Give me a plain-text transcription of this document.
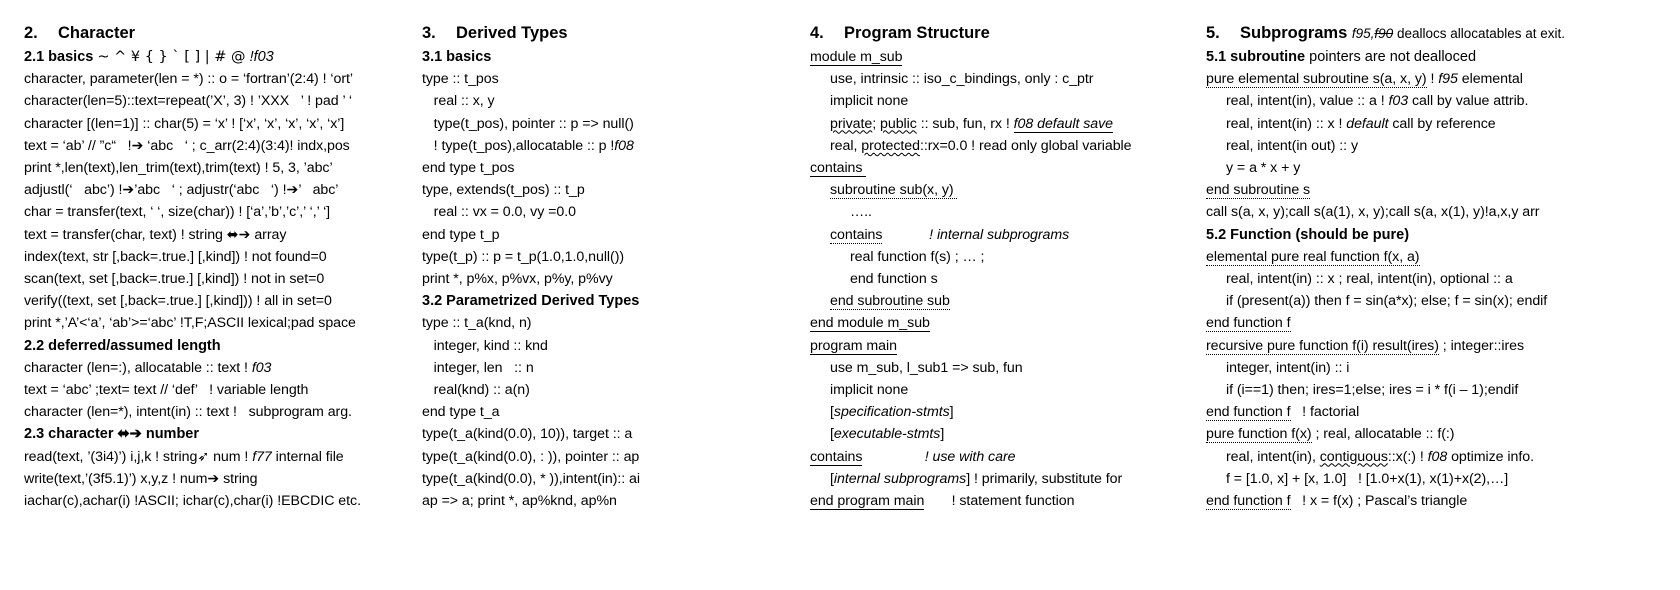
2. Character
2.1 basics ~ ^ ¥ { } ` [ ] | # @ !f03
character, parameter(len = *) :: o = ‘fortran’(2:4) ! ‘ort’
character(len=5)::text=repeat(’X’, 3) ! ’XXX   ’ ! pad ’ ‘
character [(len=1)] :: char(5) = ‘x’ ! [‘x’, ‘x’, ‘x’, ‘x’, ‘x’]
text = ‘ab’ // ”c“   !➔ ‘abc   ‘ ; c_arr(2:4)(3:4)! indx,pos
print *,len(text),len_trim(text),trim(text) ! 5, 3, ’abc’
adjustl(‘   abc’) !➔’abc   ‘ ; adjustr(‘abc   ‘) !➔’   abc’
char = transfer(text, ‘ ‘, size(char)) ! [‘a’,’b’,’c’,’ ‘,’ ‘]
text = transfer(char, text) ! string ⬌➔ array
index(text, str [,back=.true.] [,kind]) ! not found=0
scan(text, set [,back=.true.] [,kind]) ! not in set=0
verify((text, set [,back=.true.] [,kind])) ! all in set=0
print *,’A’<‘a’, ‘ab’>=‘abc’ !T,F;ASCII lexical;pad space
2.2 deferred/assumed length
character (len=:), allocatable :: text ! f03
text = ‘abc’ ;text= text // ‘def’   ! variable length
character (len=*), intent(in) :: text !   subprogram arg.
2.3 character ⬌➔ number
read(text, ’(3i4)’) i,j,k ! string➶ num ! f77 internal file
write(text,’(3f5.1)’) x,y,z ! num➔ string
iachar(c),achar(i) !ASCII; ichar(c),char(i) !EBCDIC etc.
3. Derived Types
3.1 basics
type :: t_pos
real :: x, y
type(t_pos), pointer :: p => null()
! type(t_pos),allocatable :: p !f08
end type t_pos
type, extends(t_pos) :: t_p
real :: vx = 0.0, vy =0.0
end type t_p
type(t_p) :: p = t_p(1.0,1.0,null())
print *, p%x, p%vx, p%y, p%vy
3.2 Parametrized Derived Types
type :: t_a(knd, n)
integer, kind :: knd
integer, len   :: n
real(knd) :: a(n)
end type t_a
type(t_a(kind(0.0), 10)), target :: a
type(t_a(kind(0.0), : )), pointer :: ap
type(t_a(kind(0.0), * )),intent(in):: ai
ap => a; print *, ap%knd, ap%n
4. Program Structure
module m_sub
use, intrinsic :: iso_c_bindings, only : c_ptr
implicit none
private; public :: sub, fun, rx ! f08 default save
real, protected::rx=0.0 ! read only global variable
contains
subroutine sub(x, y)
…..
contains	! internal subprograms
real function f(s) ; … ;
end function s
end subroutine sub
end module m_sub
program main
use m_sub, l_sub1 => sub, fun
implicit none
[specification-stmts]
[executable-stmts]
contains	! use with care
[internal subprograms] ! primarily, substitute for
end program main ! statement function
5. Subprograms f95,f90 deallocs allocatables at exit.
5.1 subroutine pointers are not dealloced
pure elemental subroutine s(a, x, y) ! f95 elemental
real, intent(in), value :: a ! f03 call by value attrib.
real, intent(in) :: x ! default call by reference
real, intent(in out) :: y
y = a * x + y
end subroutine s
call s(a, x, y);call s(a(1), x, y);call s(a, x(1), y)!a,x,y arr
5.2 Function (should be pure)
elemental pure real function f(x, a)
real, intent(in) :: x ; real, intent(in), optional :: a
if (present(a)) then f = sin(a*x); else; f = sin(x); endif
end function f
recursive pure function f(i) result(ires) ; integer::ires
integer, intent(in) :: i
if (i==1) then; ires=1;else; ires = i * f(i – 1);endif
end function f   ! factorial
pure function f(x) ; real, allocatable :: f(:)
real, intent(in), contiguous::x(:) ! f08 optimize info.
f = [1.0, x] + [x, 1.0]   ! [1.0+x(1), x(1)+x(2),…]
end function f   ! x = f(x) ; Pascal’s triangle
